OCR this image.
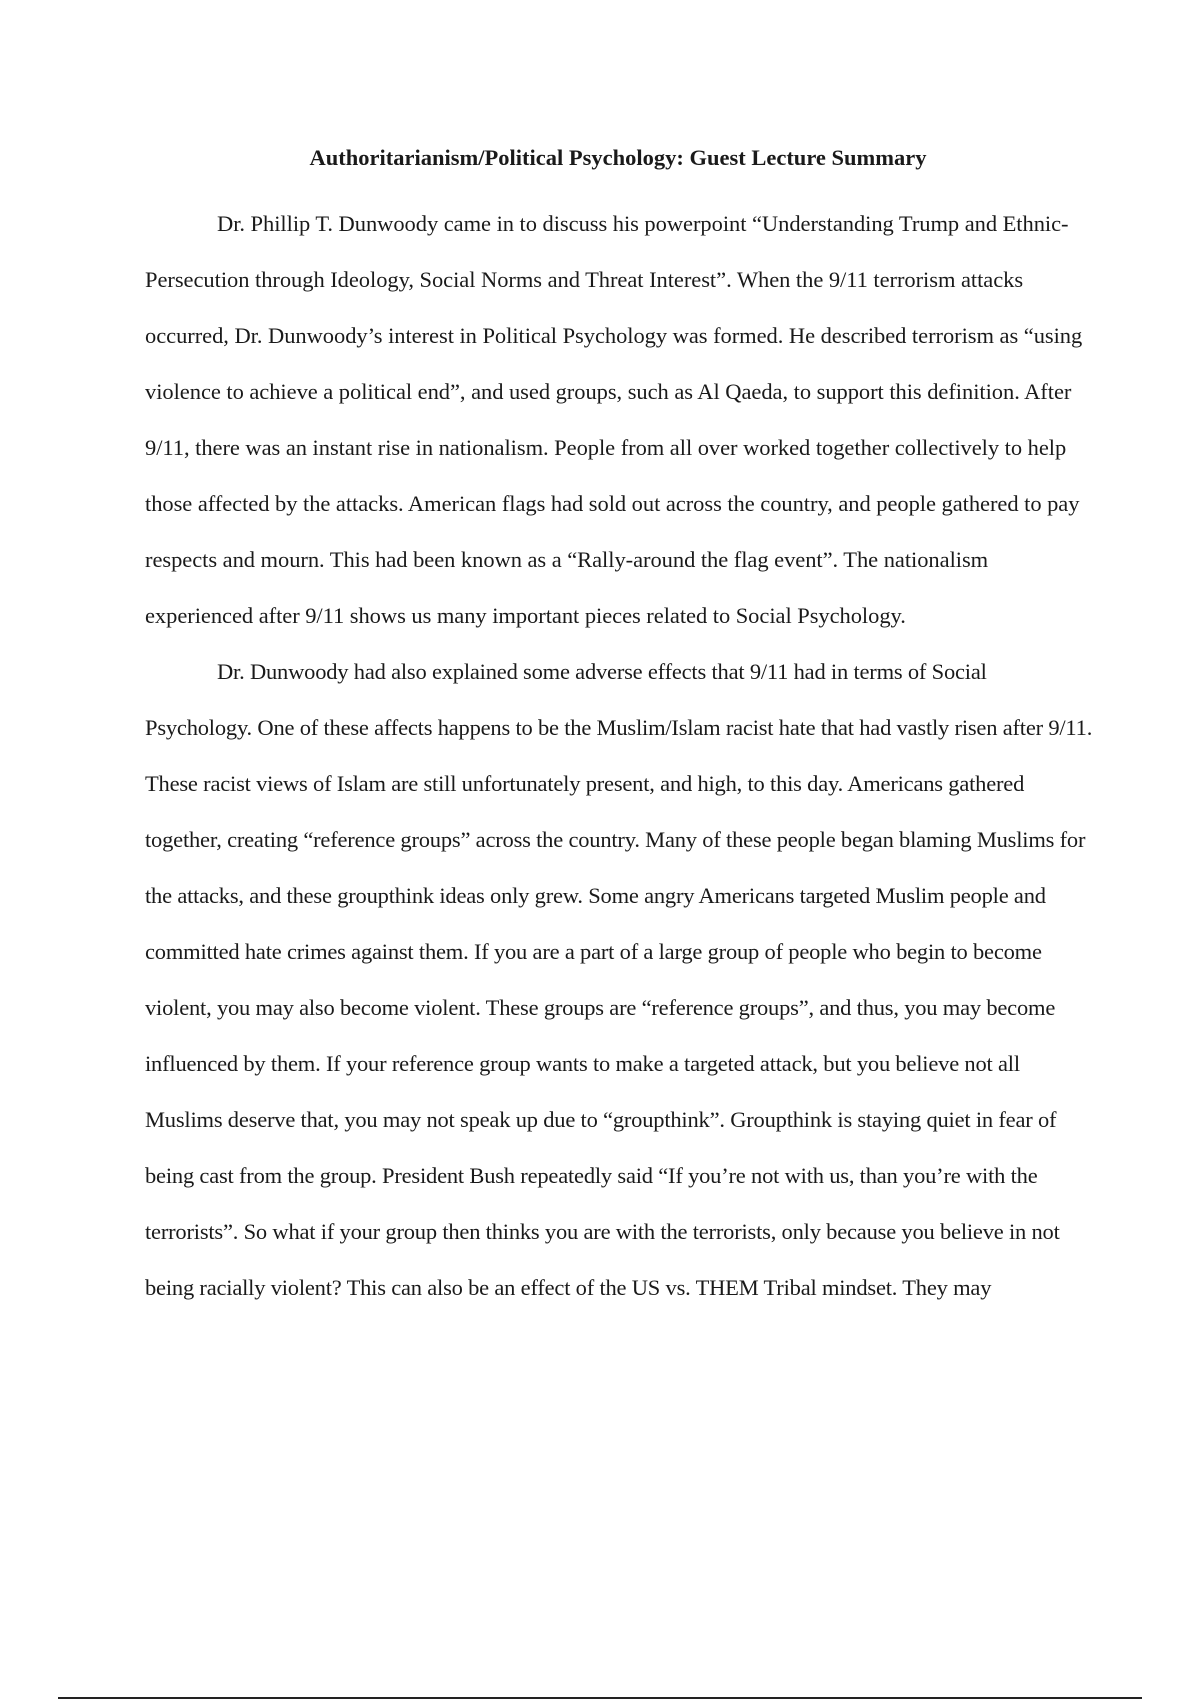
Authoritarianism/Political Psychology: Guest Lecture Summary

Dr. Phillip T. Dunwoody came in to discuss his powerpoint “Understanding Trump and Ethnic-Persecution through Ideology, Social Norms and Threat Interest”. When the 9/11 terrorism attacks occurred, Dr. Dunwoody’s interest in Political Psychology was formed. He described terrorism as “using violence to achieve a political end”, and used groups, such as Al Qaeda, to support this definition. After 9/11, there was an instant rise in nationalism. People from all over worked together collectively to help those affected by the attacks. American flags had sold out across the country, and people gathered to pay respects and mourn. This had been known as a “Rally-around the flag event”. The nationalism experienced after 9/11 shows us many important pieces related to Social Psychology.

Dr. Dunwoody had also explained some adverse effects that 9/11 had in terms of Social Psychology. One of these affects happens to be the Muslim/Islam racist hate that had vastly risen after 9/11. These racist views of Islam are still unfortunately present, and high, to this day. Americans gathered together, creating “reference groups” across the country. Many of these people began blaming Muslims for the attacks, and these groupthink ideas only grew. Some angry Americans targeted Muslim people and committed hate crimes against them. If you are a part of a large group of people who begin to become violent, you may also become violent. These groups are “reference groups”, and thus, you may become influenced by them. If your reference group wants to make a targeted attack, but you believe not all Muslims deserve that, you may not speak up due to “groupthink”. Groupthink is staying quiet in fear of being cast from the group. President Bush repeatedly said “If you’re not with us, than you’re with the terrorists”. So what if your group then thinks you are with the terrorists, only because you believe in not being racially violent? This can also be an effect of the US vs. THEM Tribal mindset. They may
